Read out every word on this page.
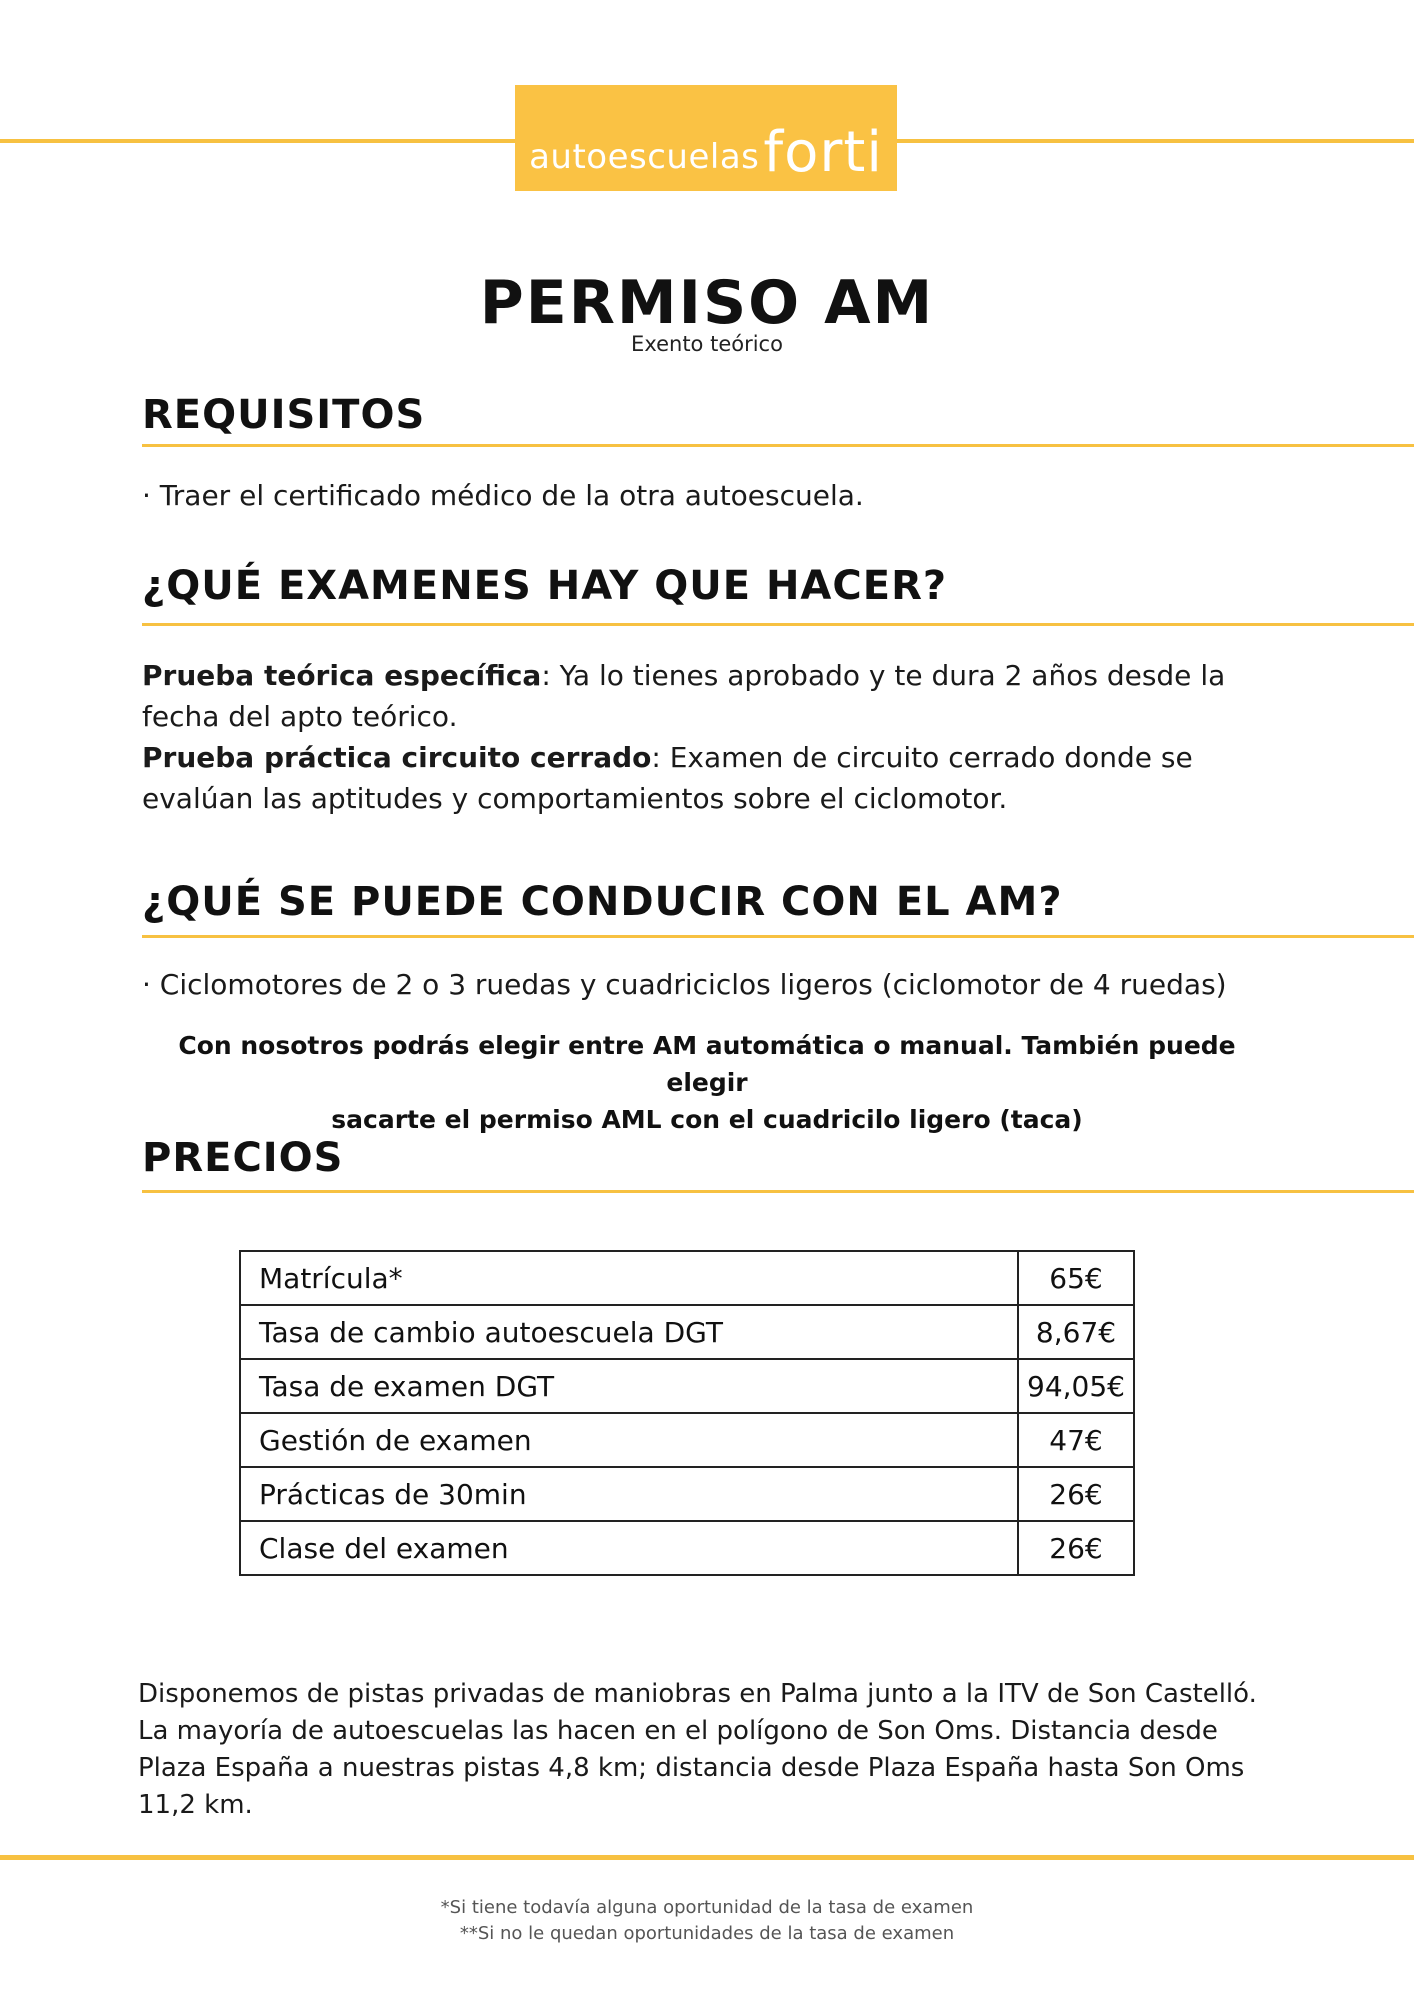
autoescuelas forti
PERMISO AM
Exento teórico
REQUISITOS
· Traer el certificado médico de la otra autoescuela.
¿QUÉ EXAMENES HAY QUE HACER?
Prueba teórica específica: Ya lo tienes aprobado y te dura 2 años desde la
fecha del apto teórico.
Prueba práctica circuito cerrado: Examen de circuito cerrado donde se
evalúan las aptitudes y comportamientos sobre el ciclomotor.
¿QUÉ SE PUEDE CONDUCIR CON EL AM?
· Ciclomotores de 2 o 3 ruedas y cuadriciclos ligeros (ciclomotor de 4 ruedas)
Con nosotros podrás elegir entre AM automática o manual. También puede elegir
sacarte el permiso AML con el cuadricilo ligero (taca)
PRECIOS
Matrícula*	65€
Tasa de cambio autoescuela DGT	8,67€
Tasa de examen DGT	94,05€
Gestión de examen	47€
Prácticas de 30min	26€
Clase del examen	26€
Disponemos de pistas privadas de maniobras en Palma junto a la ITV de Son Castelló. La mayoría de autoescuelas las hacen en el polígono de Son Oms. Distancia desde Plaza España a nuestras pistas 4,8 km; distancia desde Plaza España hasta Son Oms 11,2 km.
*Si tiene todavía alguna oportunidad de la tasa de examen
**Si no le quedan oportunidades de la tasa de examen
